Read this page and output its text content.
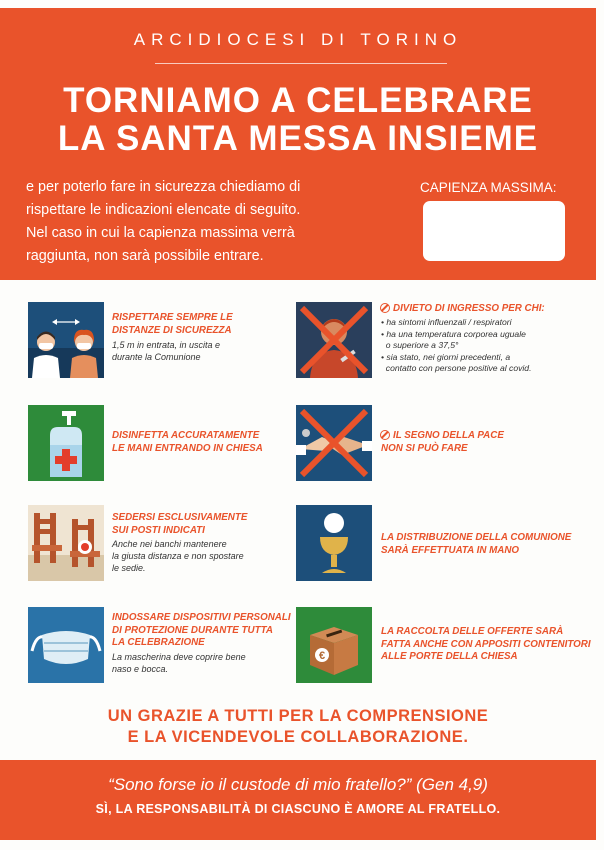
ARCIDIOCESI DI TORINO
TORNIAMO A CELEBRARE
LA SANTA MESSA INSIEME
e per poterlo fare in sicurezza chiediamo di
rispettare le indicazioni elencate di seguito.
Nel caso in cui la capienza massima verrà
raggiunta, non sarà possibile entrare.
CAPIENZA MASSIMA:
RISPETTARE SEMPRE LE
DISTANZE DI SICUREZZA
1,5 m in entrata, in uscita e
durante la Comunione
DIVIETO DI INGRESSO PER CHI:
• ha sintomi influenzali / respiratori
• ha una temperatura corporea uguale
o superiore a 37,5°
• sia stato, nei giorni precedenti, a
contatto con persone positive al covid.
DISINFETTA ACCURATAMENTE
LE MANI ENTRANDO IN CHIESA
IL SEGNO DELLA PACE
NON SI PUÒ FARE
SEDERSI ESCLUSIVAMENTE
SUI POSTI INDICATI
Anche nei banchi mantenere
la giusta distanza e non spostare
le sedie.
LA DISTRIBUZIONE DELLA COMUNIONE
SARÀ EFFETTUATA IN MANO
INDOSSARE DISPOSITIVI PERSONALI
DI PROTEZIONE DURANTE TUTTA
LA CELEBRAZIONE
La mascherina deve coprire bene
naso e bocca.
€
LA RACCOLTA DELLE OFFERTE SARÀ
FATTA ANCHE CON APPOSITI CONTENITORI
ALLE PORTE DELLA CHIESA
UN GRAZIE A TUTTI PER LA COMPRENSIONE
E LA VICENDEVOLE COLLABORAZIONE.
“Sono forse io il custode di mio fratello?” (Gen 4,9)
SÌ, LA RESPONSABILITÀ DI CIASCUNO È AMORE AL FRATELLO.
